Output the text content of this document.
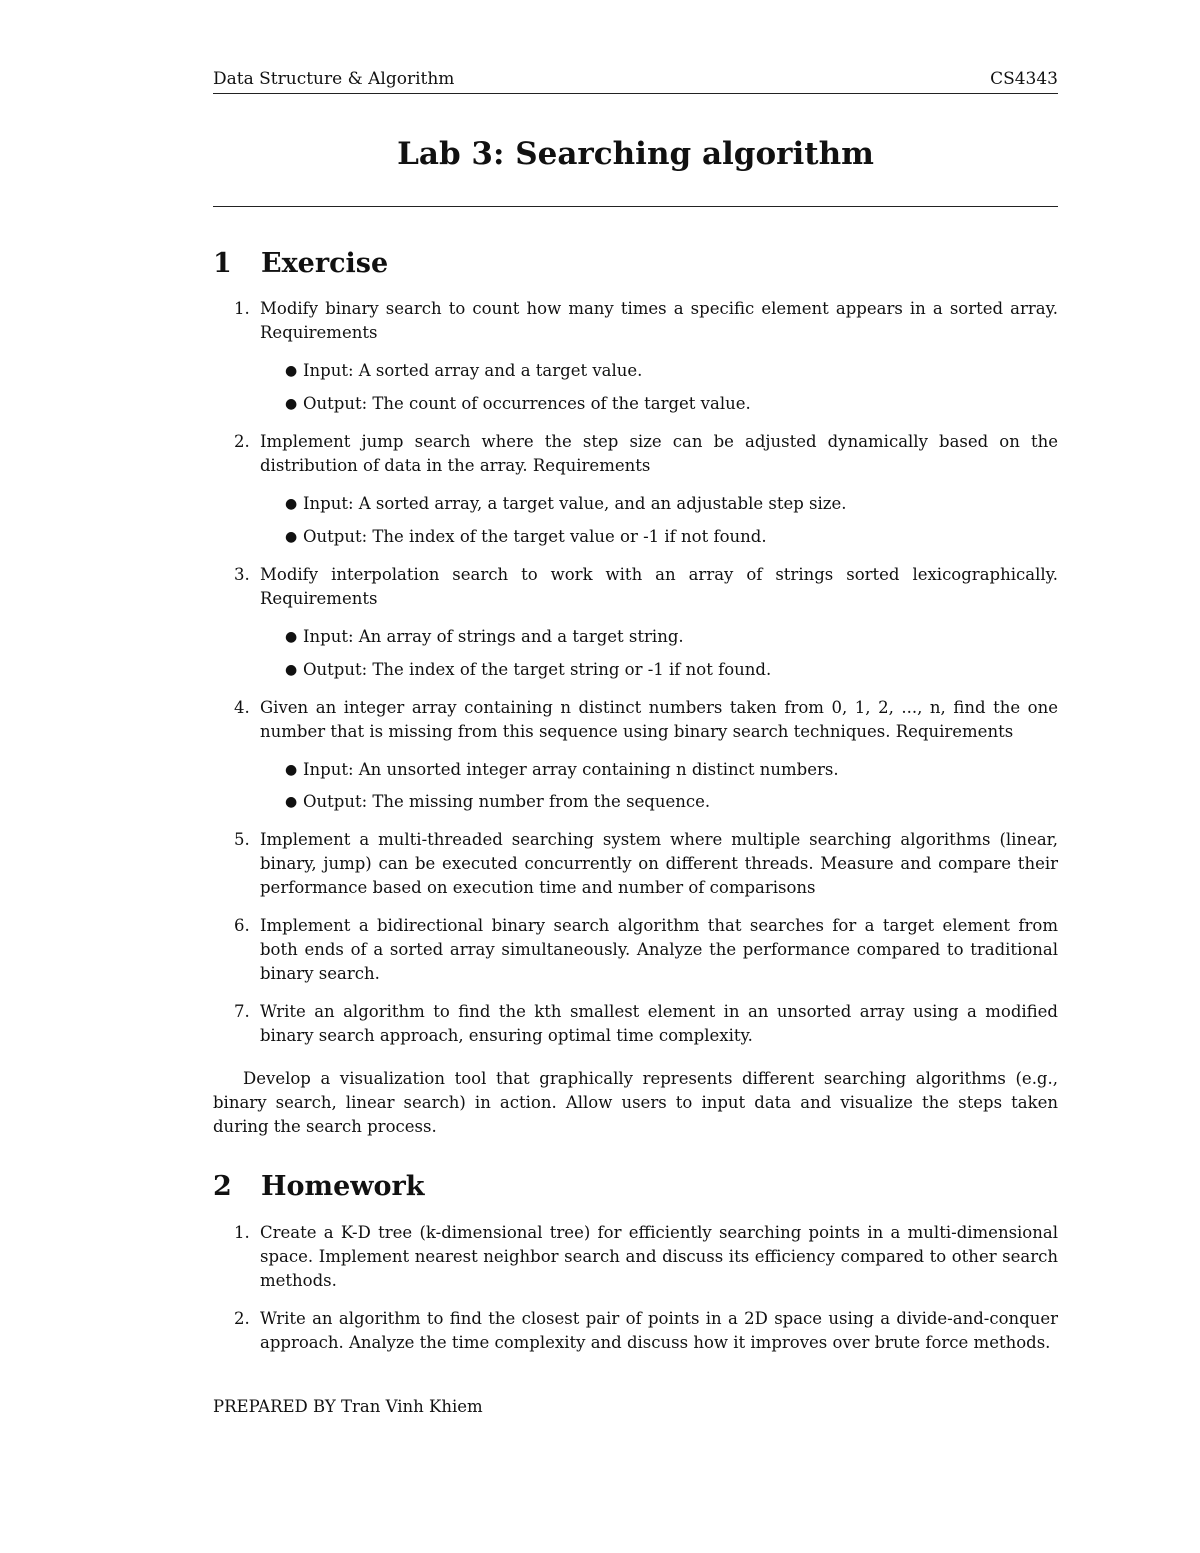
Data Structure & Algorithm	CS4343
Lab 3: Searching algorithm
1 Exercise
1. Modify binary search to count how many times a specific element appears in a sorted array. Requirements
● Input: A sorted array and a target value.
● Output: The count of occurrences of the target value.
2. Implement jump search where the step size can be adjusted dynamically based on the distribution of data in the array. Requirements
● Input: A sorted array, a target value, and an adjustable step size.
● Output: The index of the target value or -1 if not found.
3. Modify interpolation search to work with an array of strings sorted lexicographically. Requirements
● Input: An array of strings and a target string.
● Output: The index of the target string or -1 if not found.
4. Given an integer array containing n distinct numbers taken from 0, 1, 2, ..., n, find the one number that is missing from this sequence using binary search techniques. Requirements
● Input: An unsorted integer array containing n distinct numbers.
● Output: The missing number from the sequence.
5. Implement a multi-threaded searching system where multiple searching algorithms (linear, binary, jump) can be executed concurrently on different threads. Measure and compare their performance based on execution time and number of comparisons
6. Implement a bidirectional binary search algorithm that searches for a target element from both ends of a sorted array simultaneously. Analyze the performance compared to traditional binary search.
7. Write an algorithm to find the kth smallest element in an unsorted array using a modified binary search approach, ensuring optimal time complexity.

Develop a visualization tool that graphically represents different searching algorithms (e.g., binary search, linear search) in action. Allow users to input data and visualize the steps taken during the search process.

2 Homework
1. Create a K-D tree (k-dimensional tree) for efficiently searching points in a multi-dimensional space. Implement nearest neighbor search and discuss its efficiency compared to other search methods.
2. Write an algorithm to find the closest pair of points in a 2D space using a divide-and-conquer approach. Analyze the time complexity and discuss how it improves over brute force methods.
PREPARED BY Tran Vinh Khiem
